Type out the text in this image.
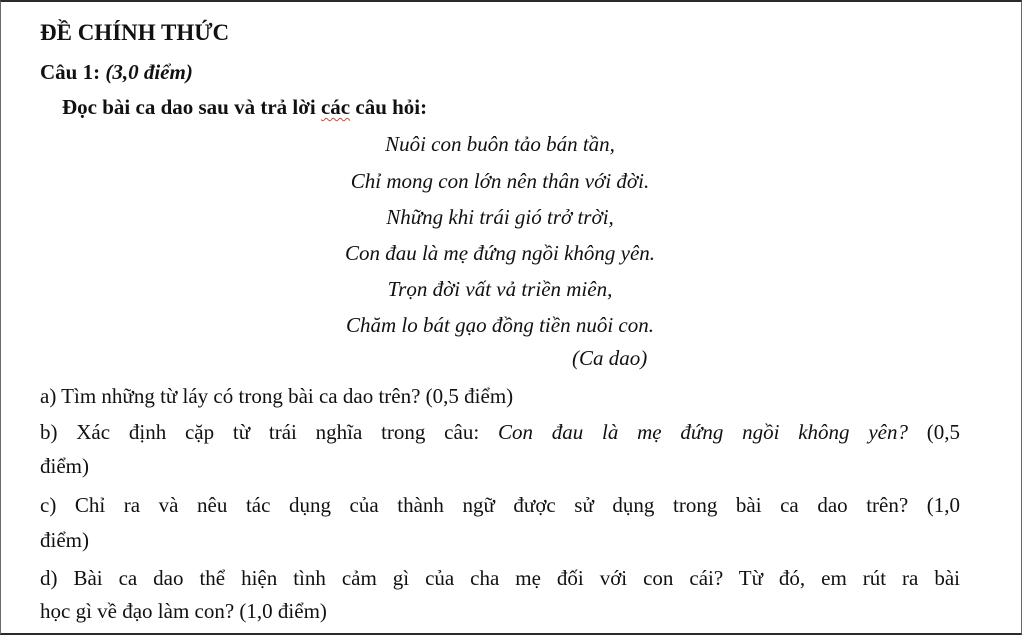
ĐỀ CHÍNH THỨC
Câu 1: (3,0 điểm)
Đọc bài ca dao sau và trả lời các câu hỏi:
Nuôi con buôn tảo bán tần,
Chỉ mong con lớn nên thân với đời.
Những khi trái gió trở trời,
Con đau là mẹ đứng ngồi không yên.
Trọn đời vất vả triền miên,
Chăm lo bát gạo đồng tiền nuôi con.
(Ca dao)
a) Tìm những từ láy có trong bài ca dao trên? (0,5 điểm)
b) Xác định cặp từ trái nghĩa trong câu: Con đau là mẹ đứng ngồi không yên? (0,5
điểm)
c) Chỉ ra và nêu tác dụng của thành ngữ được sử dụng trong bài ca dao trên? (1,0
điểm)
d) Bài ca dao thể hiện tình cảm gì của cha mẹ đối với con cái? Từ đó, em rút ra bài
học gì về đạo làm con? (1,0 điểm)
